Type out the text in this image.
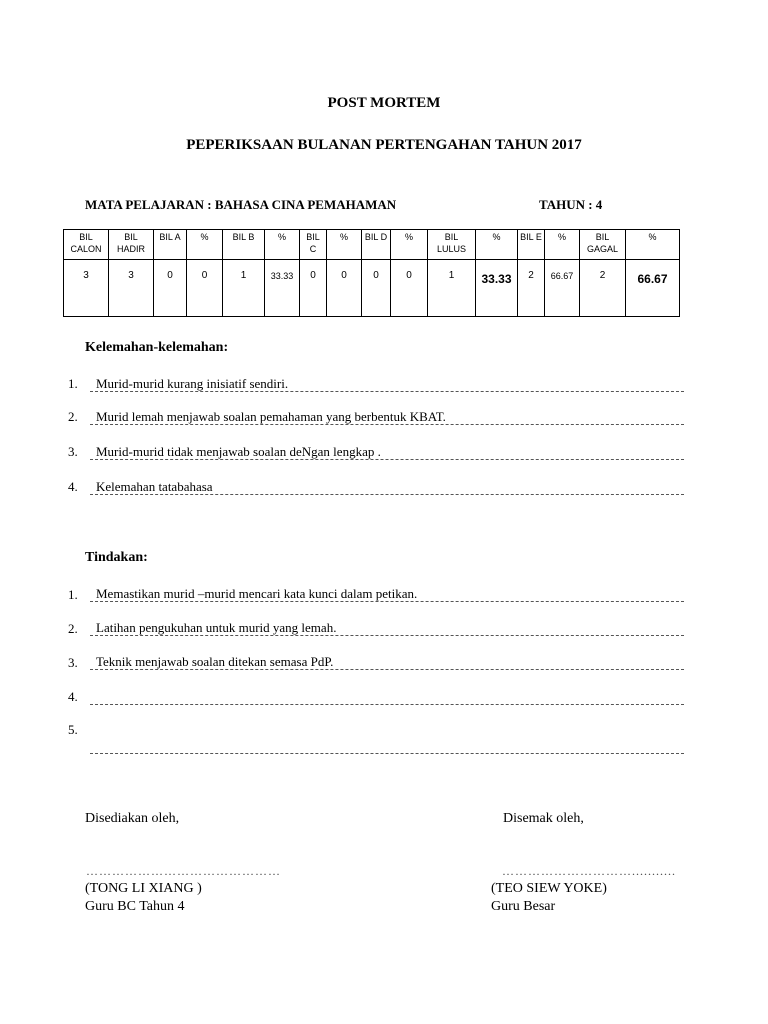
POST MORTEM
PEPERIKSAAN BULANAN PERTENGAHAN TAHUN 2017
MATA PELAJARAN : BAHASA CINA PEMAHAMAN	TAHUN : 4
BIL CALON	BIL HADIR	BIL A	%	BIL B	%	BIL C	%	BIL D	%	BIL LULUS	%	BIL E	%	BIL GAGAL	%
3	3	0	0	1	33.33	0	0	0	0	1	33.33	2	66.67	2	66.67
Kelemahan-kelemahan:
1.	Murid-murid kurang inisiatif sendiri.
2.	Murid lemah menjawab soalan pemahaman yang berbentuk KBAT.
3.	Murid-murid tidak menjawab soalan deNgan lengkap .
4.	Kelemahan tatabahasa
Tindakan:
1.	Memastikan murid –murid mencari kata kunci dalam petikan.
2.	Latihan pengukuhan untuk murid yang lemah.
3.	Teknik menjawab soalan ditekan semasa PdP.
4.
5.
Disediakan oleh,	Disemak oleh,
………………………………………	…………………………...........
(TONG LI XIANG )
Guru BC Tahun 4
(TEO SIEW YOKE)
Guru Besar
